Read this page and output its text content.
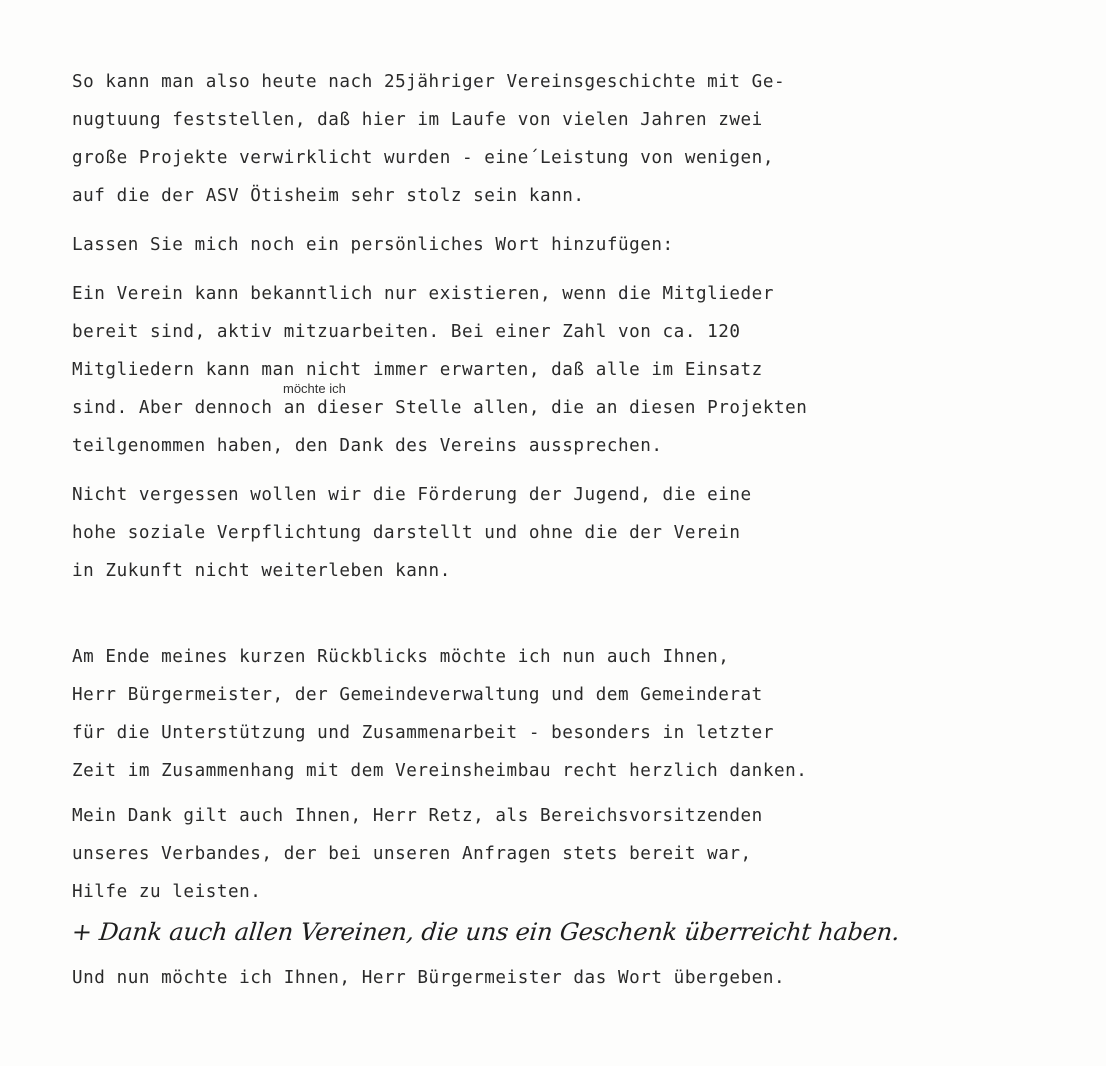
So kann man also heute nach 25jähriger Vereinsgeschichte mit Ge-
nugtuung feststellen, daß hier im Laufe von vielen Jahren zwei
große Projekte verwirklicht wurden - eine´Leistung von wenigen,
auf die der ASV Ötisheim sehr stolz sein kann.
Lassen Sie mich noch ein persönliches Wort hinzufügen:
Ein Verein kann bekanntlich nur existieren, wenn die Mitglieder
bereit sind, aktiv mitzuarbeiten. Bei einer Zahl von ca. 120
Mitgliedern kann man nicht immer erwarten, daß alle im Einsatz
möchte ich
sind. Aber dennoch an dieser Stelle allen, die an diesen Projekten
teilgenommen haben, den Dank des Vereins aussprechen.
Nicht vergessen wollen wir die Förderung der Jugend, die eine
hohe soziale Verpflichtung darstellt und ohne die der Verein
in Zukunft nicht weiterleben kann.
Am Ende meines kurzen Rückblicks möchte ich nun auch Ihnen,
Herr Bürgermeister, der Gemeindeverwaltung und dem Gemeinderat
für die Unterstützung und Zusammenarbeit - besonders in letzter
Zeit im Zusammenhang mit dem Vereinsheimbau recht herzlich danken.
Mein Dank gilt auch Ihnen, Herr Retz, als Bereichsvorsitzenden
unseres Verbandes, der bei unseren Anfragen stets bereit war,
Hilfe zu leisten.
+ Dank auch allen Vereinen, die uns ein Geschenk überreicht haben.
Und nun möchte ich Ihnen, Herr Bürgermeister das Wort übergeben.
